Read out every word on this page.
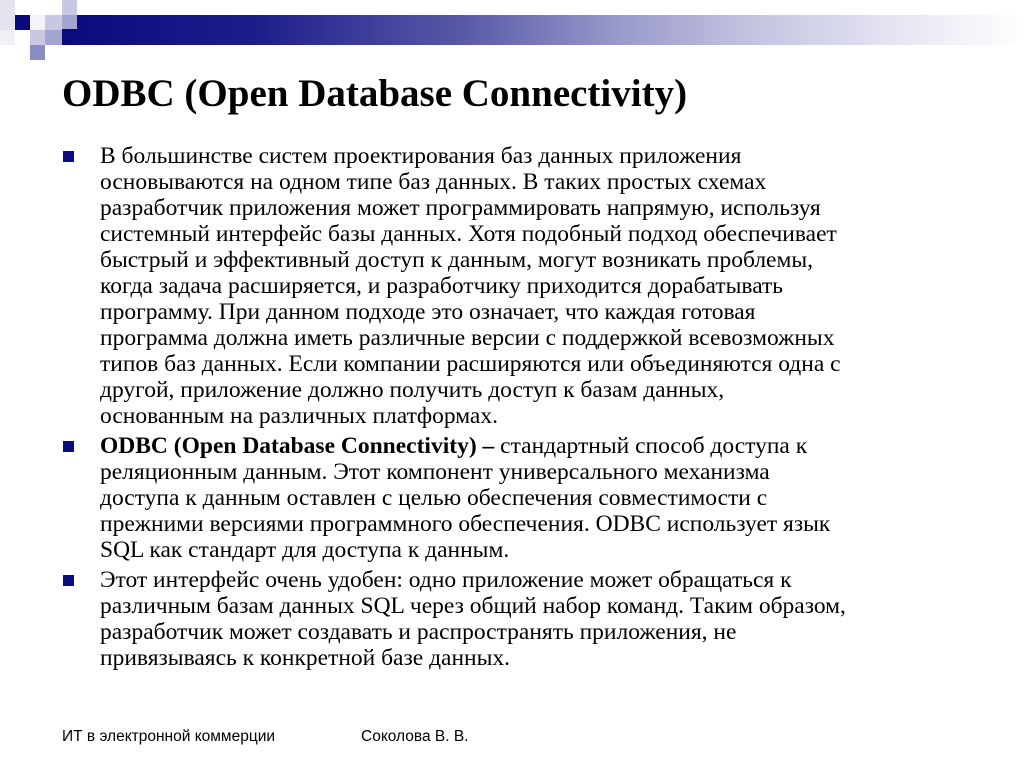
ODBC (Open Database Connectivity)
В большинстве систем проектирования баз данных приложения
основываются на одном типе баз данных. В таких простых схемах
разработчик приложения может программировать напрямую, используя
системный интерфейс базы данных. Хотя подобный подход обеспечивает
быстрый и эффективный доступ к данным, могут возникать проблемы,
когда задача расширяется, и разработчику приходится дорабатывать
программу. При данном подходе это означает, что каждая готовая
программа должна иметь различные версии с поддержкой всевозможных
типов баз данных. Если компании расширяются или объединяются одна с
другой, приложение должно получить доступ к базам данных,
основанным на различных платформах.
ODBC (Open Database Connectivity) – стандартный способ доступа к
реляционным данным. Этот компонент универсального механизма
доступа к данным оставлен с целью обеспечения совместимости с
прежними версиями программного обеспечения. ODBC использует язык
SQL как стандарт для доступа к данным.
Этот интерфейс очень удобен: одно приложение может обращаться к
различным базам данных SQL через общий набор команд. Таким образом,
разработчик может создавать и распространять приложения, не
привязываясь к конкретной базе данных.
ИТ в электронной коммерции	Соколова В. В.
